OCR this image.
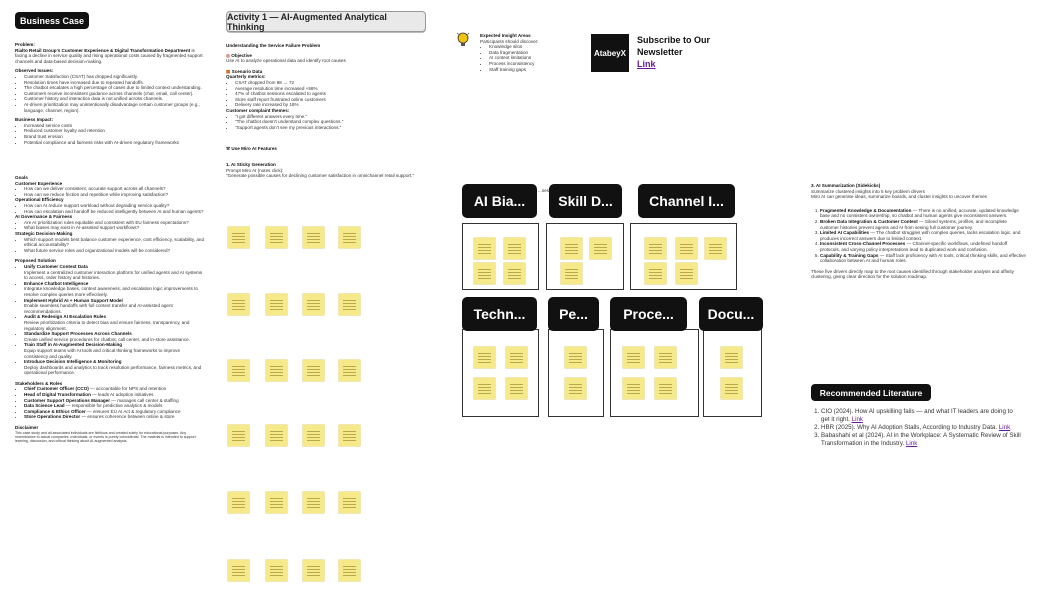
Business Case
Problem:
Rialto Retail Group's Customer Experience & Digital Transformation Department is facing a decline in service quality and rising operational costs caused by fragmented support channels and data-based decision-making.
Observed Issues:
• Customer Satisfaction (CSAT) has dropped significantly.
• Resolution times have increased due to repeated handoffs.
• The chatbot escalates a high percentage of cases due to limited context understanding.
• Customers receive inconsistent guidance across channels (chat, email, call center).
• Customer history and interaction data is not unified across channels.
• AI-driven prioritization may unintentionally disadvantage certain customer groups (e.g., language, channel, region).
Business Impact:
• Increased service costs
• Reduced customer loyalty and retention
• Brand trust erosion
• Potential compliance and fairness risks with AI-driven regulatory frameworks
Goals
Customer Experience
• How can we deliver consistent, accurate support across all channels?
• How can we reduce friction and repetition while improving satisfaction?
Operational Efficiency
• How can AI reduce support workload without degrading service quality?
• How can escalation and handoff be reduced intelligently between AI and human agents?
AI Governance & Fairness
• Are AI prioritization rules equitable and consistent with EU fairness expectations?
• What biases may exist in AI-assisted support workflows?
Strategic Decision-Making
• Which support models best balance customer experience, cost efficiency, scalability, and ethical accountability?
• What future service roles and organizational models will be considered?
Proposed Solution
• Unify Customer Context Data
Implement a centralized customer interaction platform for unified agents and AI systems to access, order history and histories.
• Enhance Chatbot Intelligence
Integrate knowledge bases, context awareness, and escalation logic improvements to resolve complex queries more effectively.
• Implement Hybrid AI + Human Support Model
Enable seamless handoffs with full context transfer and AI-assisted agent recommendations.
• Audit & Redesign AI Escalation Rules
Review prioritization criteria to detect bias and ensure fairness, transparency, and regulatory alignment.
• Standardize Support Processes Across Channels
Create unified service procedures for chatbot, call center, and in-store assistance.
• Train Staff in AI-Augmented Decision-Making
Equip support teams with AI tools and critical thinking frameworks to improve consistency and quality.
• Introduce Decision Intelligence & Monitoring
Deploy dashboards and analytics to track resolution performance, fairness metrics, and operational performance.
Stakeholders & Roles
• Chief Customer Officer (CCO) — accountable for NPS and retention
• Head of Digital Transformation — leads AI adoption initiatives
• Customer Support Operations Manager — manages call center & staffing
• Data Science Lead — responsible for predictive analytics & models
• Compliance & Ethics Officer — ensures EU AI Act & regulatory compliance
• Store Operations Director — ensures coherence between online & store
Disclaimer
This case study and all associated individuals are fictitious and created solely for educational purposes. Any resemblance to actual companies, individuals, or events is purely coincidental. The material is intended to support learning, discussion, and critical thinking about AI-augmented analysis.
Activity 1 — AI-Augmented Analytical Thinking
Understanding the Service Failure Problem
◎ Objective
Use AI to analyze operational data and identify root causes
▤ Scenario Data
Quarterly metrics:
• CSAT dropped from 88 → 72
• Average resolution time increased +58%
• 47% of chatbot sessions escalated to agents
• Store staff report frustrated online customers
• Delivery rate increased by 18%
Customer complaint themes:
• "I got different answers every time."
• "The chatbot doesn't understand complex questions."
• "Support agents don't see my previous interactions."
⚒ Use Miro AI Features
1. AI Sticky Generation
Prompt Miro AI (notes click):
"Generate possible causes for declining customer satisfaction in omnichannel retail support."
Expected Insight Areas
Participants should discover:
• Knowledge silos
• Data fragmentation
• AI context limitations
• Process inconsistency
• Staff training gaps
AtabeyX
Subscribe to Our Newsletter
Link
...ses
AI Bia...	Skill D...	Channel I...
Techn...	Pe...	Proce...	Docu...
3. AI Summarization (Sidekicks)
Summarize clustered insights into 5 key problem drivers
Miro AI can generate ideas, summarize boards, and cluster insights to uncover themes
1. Fragmented Knowledge & Documentation — There is no unified, accurate, updated knowledge base and no consistent ownership, so chatbot and human agents give inconsistent answers.
2. Broken Data Integration & Customer Context — Siloed systems, profiles, and incomplete customer histories prevent agents and AI from seeing full customer journey.
3. Limited AI Capabilities — The chatbot struggles with complex queries, lacks escalation logic, and produces incorrect answers due to limited context.
4. Inconsistent Cross-Channel Processes — Channel-specific workflows, undefined handoff protocols, and varying policy interpretations lead to duplicated work and confusion.
5. Capability & Training Gaps — Staff lack proficiency with AI tools, critical thinking skills, and effective collaboration between AI and human roles.
These five drivers directly map to the root causes identified through stakeholder analysis and affinity clustering, giving clear direction for the solution roadmap.
Recommended Literature
1. CIO (2024). How AI upskilling fails — and what IT leaders are doing to get it right. Link
2. HBR (2025). Why AI Adoption Stalls, According to Industry Data. Link
3. Babashahi et al (2024). AI in the Workplace: A Systematic Review of Skill Transformation in the Industry. Link
